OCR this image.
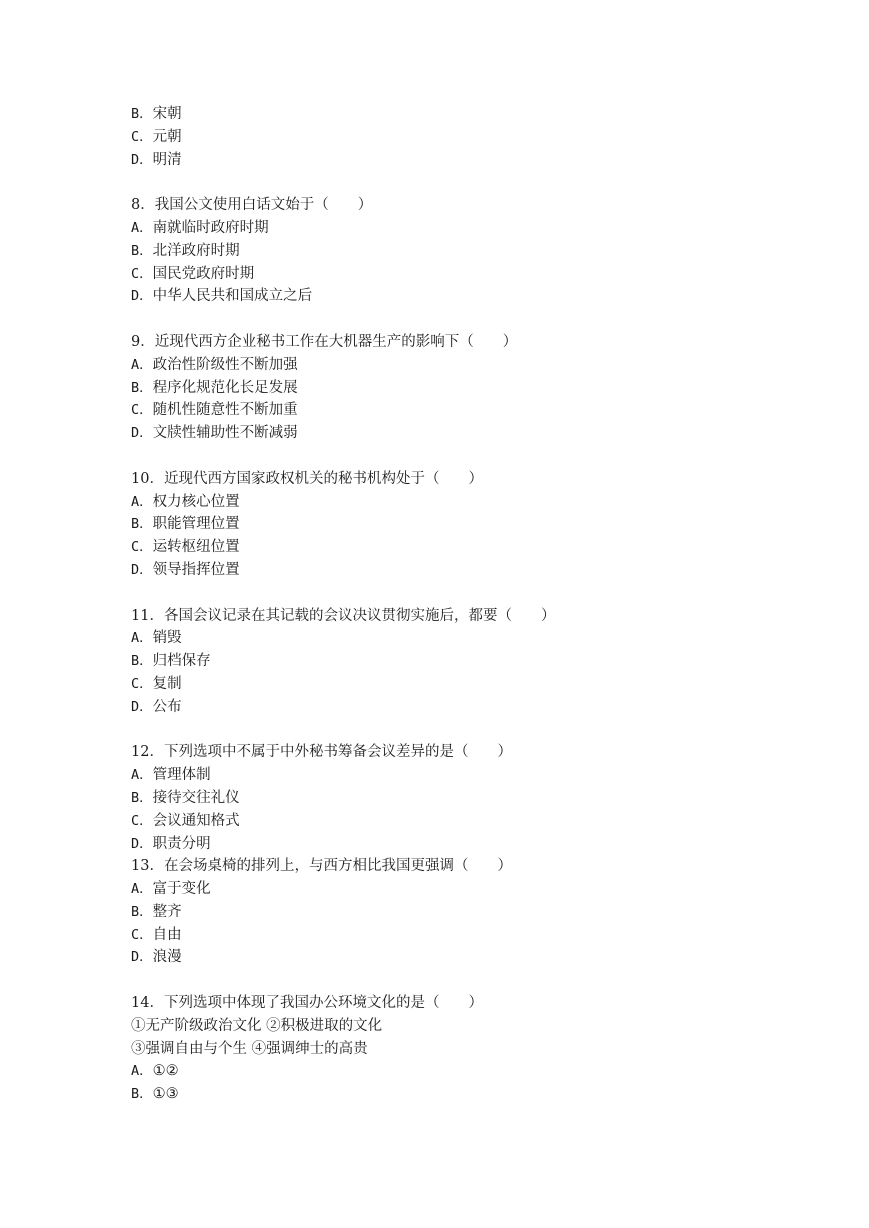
B．宋朝
C．元朝
D．明清
8．我国公文使用白话文始于（　　）
A．南就临时政府时期
B．北洋政府时期
C．国民党政府时期
D．中华人民共和国成立之后
9．近现代西方企业秘书工作在大机器生产的影响下（　　）
A．政治性阶级性不断加强
B．程序化规范化长足发展
C．随机性随意性不断加重
D．文牍性辅助性不断减弱
10．近现代西方国家政权机关的秘书机构处于（　　）
A．权力核心位置
B．职能管理位置
C．运转枢纽位置
D．领导指挥位置
11．各国会议记录在其记载的会议决议贯彻实施后，都要（　　）
A．销毁
B．归档保存
C．复制
D．公布
12．下列选项中不属于中外秘书筹备会议差异的是（　　）
A．管理体制
B．接待交往礼仪
C．会议通知格式
D．职责分明
13．在会场桌椅的排列上，与西方相比我国更强调（　　）
A．富于变化
B．整齐
C．自由
D．浪漫
14．下列选项中体现了我国办公环境文化的是（　　）
①无产阶级政治文化 ②积极进取的文化
③强调自由与个生 ④强调绅士的高贵
A．①②
B．①③
